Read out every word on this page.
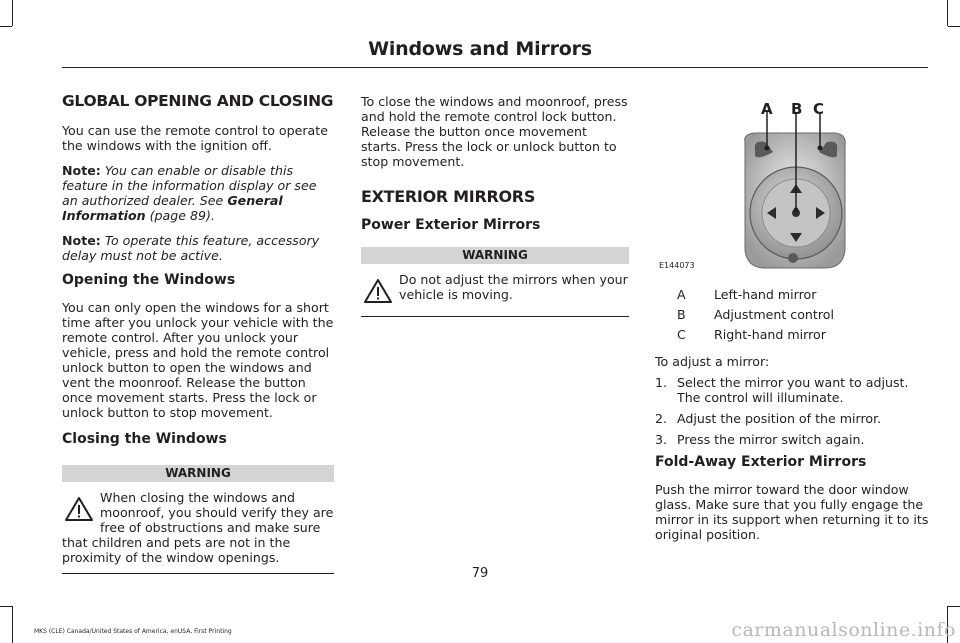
Windows and Mirrors
GLOBAL OPENING AND CLOSING

You can use the remote control to operate the windows with the ignition off.

Note: You can enable or disable this feature in the information display or see an authorized dealer. See General Information (page 89).

Note: To operate this feature, accessory delay must not be active.

Opening the Windows

You can only open the windows for a short time after you unlock your vehicle with the remote control. After you unlock your vehicle, press and hold the remote control unlock button to open the windows and vent the moonroof. Release the button once movement starts. Press the lock or unlock button to stop movement.

Closing the Windows
WARNING
When closing the windows and moonroof, you should verify they are free of obstructions and make sure that children and pets are not in the proximity of the window openings.

To close the windows and moonroof, press and hold the remote control lock button. Release the button once movement starts. Press the lock or unlock button to stop movement.

EXTERIOR MIRRORS
Power Exterior Mirrors
WARNING
Do not adjust the mirrors when your vehicle is moving.
A B C
E144073
A	Left-hand mirror
B	Adjustment control
C	Right-hand mirror

To adjust a mirror:

1. Select the mirror you want to adjust. The control will illuminate.
2. Adjust the position of the mirror.
3. Press the mirror switch again.
Fold-Away Exterior Mirrors

Push the mirror toward the door window glass. Make sure that you fully engage the mirror in its support when returning it to its original position.

79
MKS (CLE) Canada/United States of America, enUSA, First Printing	carmanualsonline.info
